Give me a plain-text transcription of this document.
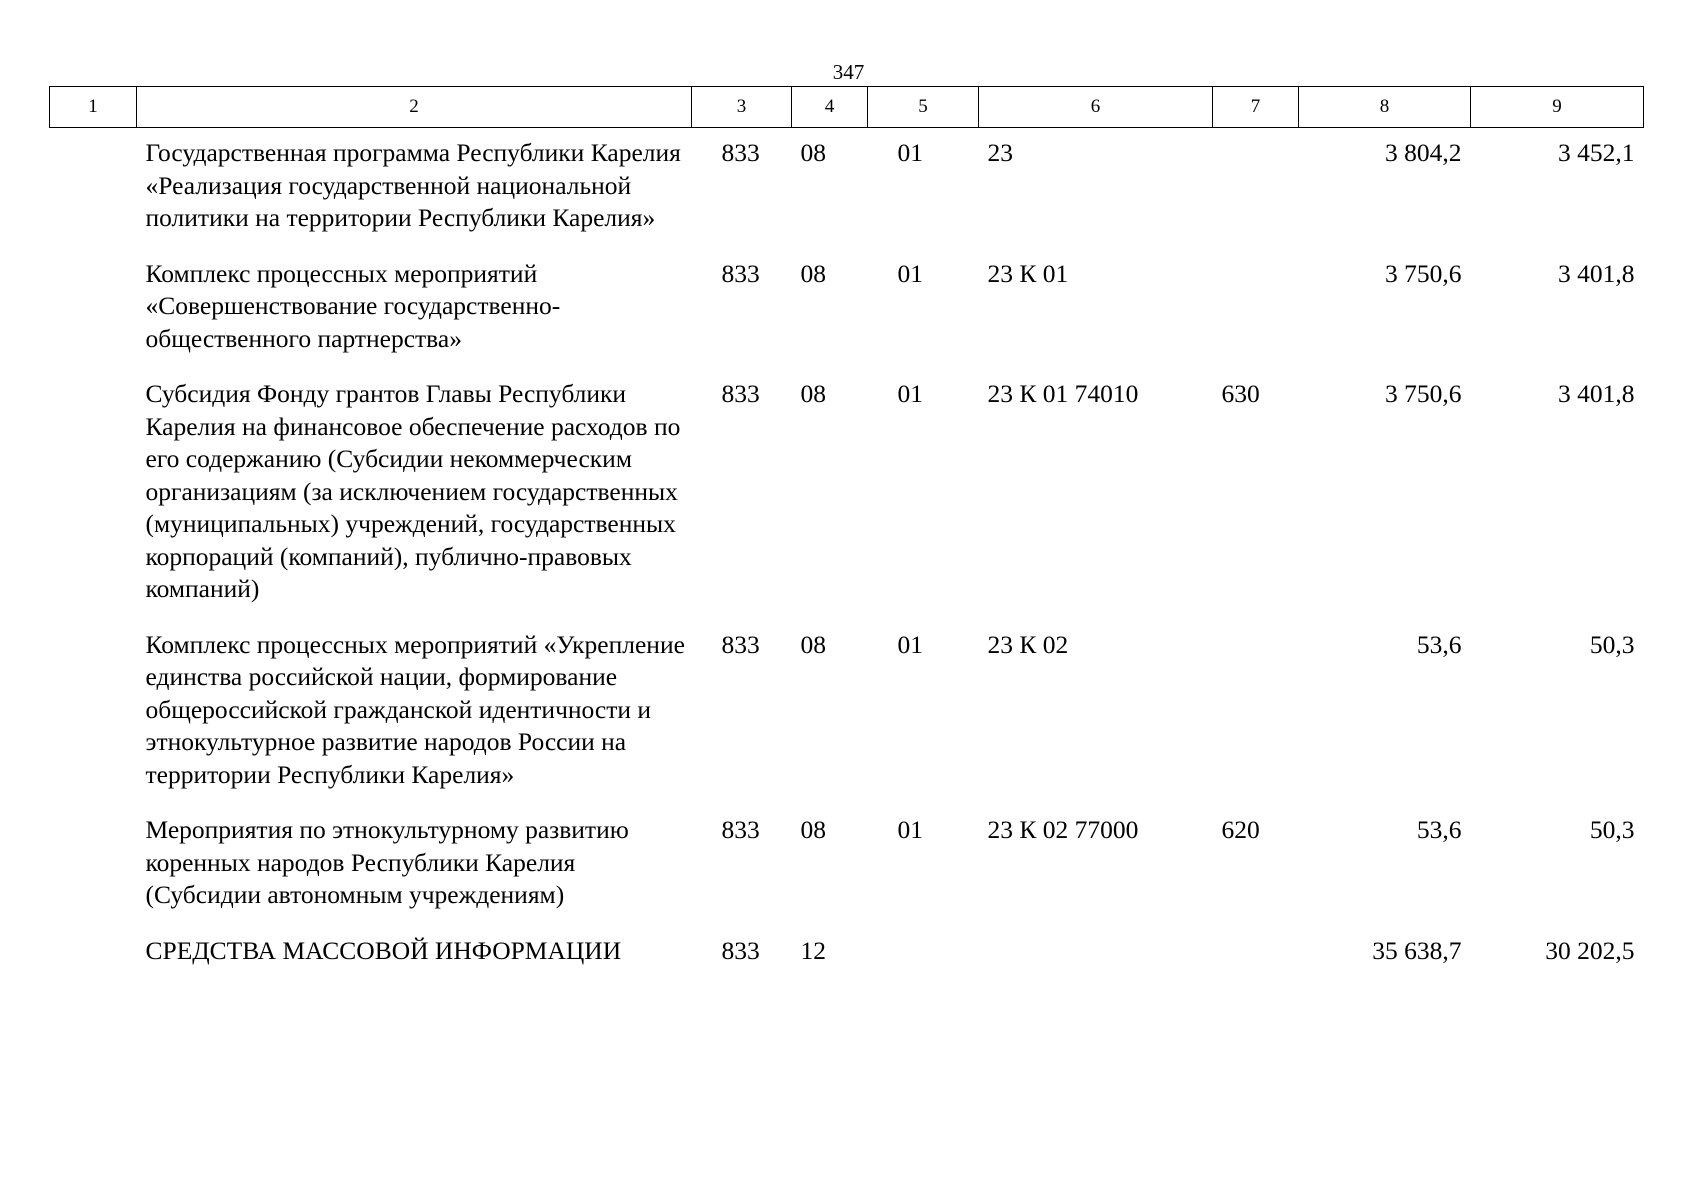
347
1	2	3	4	5	6	7	8	9
	Государственная программа Республики Карелия «Реализация государственной национальной политики на территории Республики Карелия»	833	08	01	23		3 804,2	3 452,1
	Комплекс процессных мероприятий «Совершенствование государственно-общественного партнерства»	833	08	01	23 К 01		3 750,6	3 401,8
	Субсидия Фонду грантов Главы Республики Карелия на финансовое обеспечение расходов по его содержанию (Субсидии некоммерческим организациям (за исключением государственных (муниципальных) учреждений, государственных корпораций (компаний), публично-правовых компаний)	833	08	01	23 К 01 74010	630	3 750,6	3 401,8
	Комплекс процессных мероприятий «Укрепление единства российской нации, формирование общероссийской гражданской идентичности и этнокультурное развитие народов России на территории Республики Карелия»	833	08	01	23 К 02		53,6	50,3
	Мероприятия по этнокультурному развитию коренных народов Республики Карелия (Субсидии автономным учреждениям)	833	08	01	23 К 02 77000	620	53,6	50,3
	СРЕДСТВА МАССОВОЙ ИНФОРМАЦИИ	833	12				35 638,7	30 202,5
